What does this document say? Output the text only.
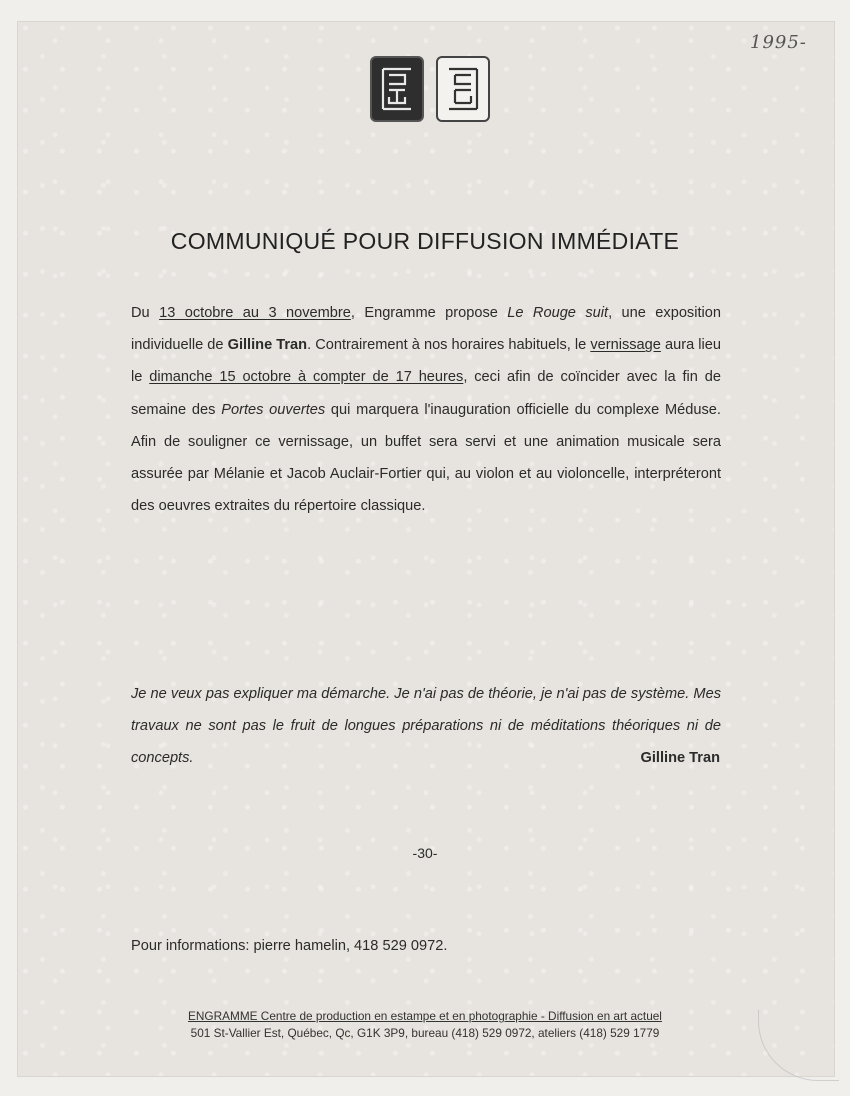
1995-
COMMUNIQUÉ POUR DIFFUSION IMMÉDIATE

Du 13 octobre au 3 novembre, Engramme propose Le Rouge suit, une exposition individuelle de Gilline Tran. Contrairement à nos horaires habituels, le vernissage aura lieu le dimanche 15 octobre à compter de 17 heures, ceci afin de coïncider avec la fin de semaine des Portes ouvertes qui marquera l'inauguration officielle du complexe Méduse. Afin de souligner ce vernissage, un buffet sera servi et une animation musicale sera assurée par Mélanie et Jacob Auclair-Fortier qui, au violon et au violoncelle, interpréteront des oeuvres extraites du répertoire classique.

Je ne veux pas expliquer ma démarche. Je n'ai pas de théorie, je n'ai pas de système. Mes travaux ne sont pas le fruit de longues préparations ni de méditations théoriques ni de concepts.	Gilline Tran
-30-
Pour informations: pierre hamelin, 418 529 0972.
ENGRAMME Centre de production en estampe et en photographie - Diffusion en art actuel
501 St-Vallier Est, Québec, Qc, G1K 3P9, bureau (418) 529 0972, ateliers (418) 529 1779
